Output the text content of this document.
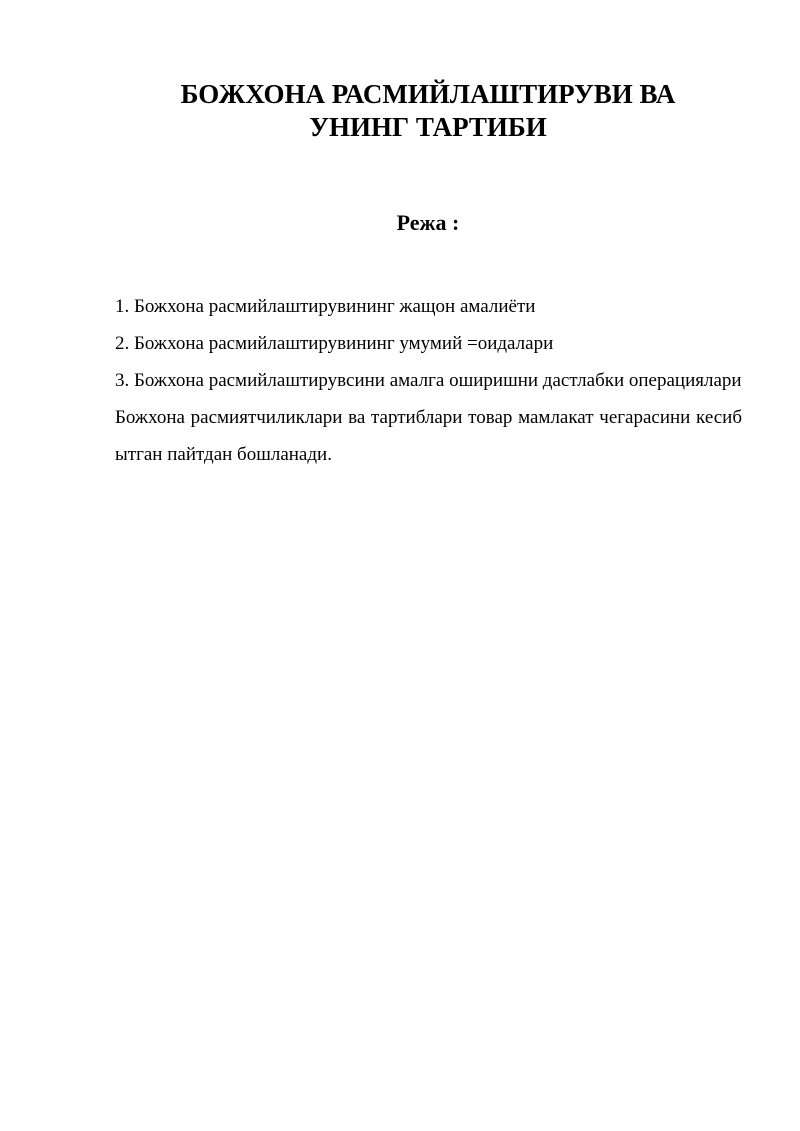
БОЖХОНА РАСМИЙЛАШТИРУВИ ВА
УНИНГ ТАРТИБИ
Режа :

1. Божхона расмийлаштирувининг жащон амалиёти

2. Божхона расмийлаштирувининг умумий =оидалари

3. Божхона расмийлаштирувсини амалга оширишни дастлабки операциялари

Божхона расмиятчиликлари ва тартиблари товар мамлакат чегарасини кесиб ытган пайтдан бошланади.
